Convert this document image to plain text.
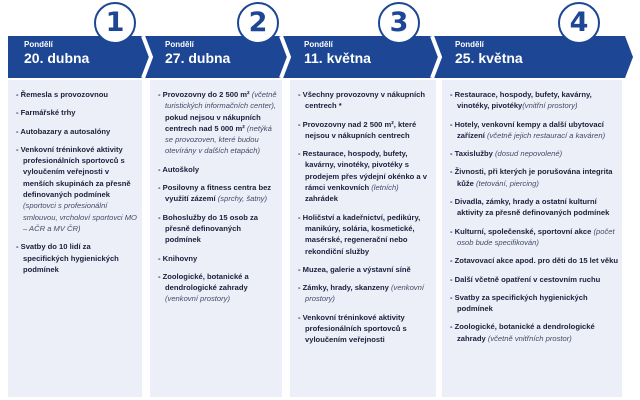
1
Pondělí
20. dubna
- Řemesla s provozovnou
- Farmářské trhy
- Autobazary a autosalóny
- Venkovní tréninkové aktivity profesionálních sportovců s vyloučením veřejnosti v menších skupinách za přesně definovaných podmínek (sportovci s profesionální smlouvou, vrcholoví sportovci MO – AČR a MV ČR)
- Svatby do 10 lidí za specifických hygienických podmínek
2
Pondělí
27. dubna
- Provozovny do 2 500 m² (včetně turistických informačních center), pokud nejsou v nákupních centrech nad 5 000 m² (netýká se provozoven, které budou otevírány v dalších etapách)
- Autoškoly
- Posilovny a fitness centra bez využití zázemí (sprchy, šatny)
- Bohoslužby do 15 osob za přesně definovaných podmínek
- Knihovny
- Zoologické, botanické a dendrologické zahrady (venkovní prostory)
3
Pondělí
11. května
- Všechny provozovny v nákupních centrech *
- Provozovny nad 2 500 m², které nejsou v nákupních centrech
- Restaurace, hospody, bufety, kavárny, vinotéky, pivotéky s prodejem přes výdejní okénko a v rámci venkovních (letních) zahrádek
- Holičství a kadeřnictví, pedikúry, manikúry, solária, kosmetické, masérské, regenerační nebo rekondiční služby
- Muzea, galerie a výstavní síně
- Zámky, hrady, skanzeny (venkovní prostory)
- Venkovní tréninkové aktivity profesionálních sportovců s vyloučením veřejnosti
4
Pondělí
25. května
- Restaurace, hospody, bufety, kavárny, vinotéky, pivotéky(vnitřní prostory)
- Hotely, venkovní kempy a další ubytovací zařízení (včetně jejich restaurací a kaváren)
- Taxislužby (dosud nepovolené)
- Živnosti, při kterých je porušována integrita kůže (tetování, piercing)
- Divadla, zámky, hrady a ostatní kulturní aktivity za přesně definovaných podmínek
- Kulturní, společenské, sportovní akce (počet osob bude specifikován)
- Zotavovací akce apod. pro děti do 15 let věku
- Další včetně opatření v cestovním ruchu
- Svatby za specifických hygienických podmínek
- Zoologické, botanické a dendrologické zahrady (včetně vnitřních prostor)
